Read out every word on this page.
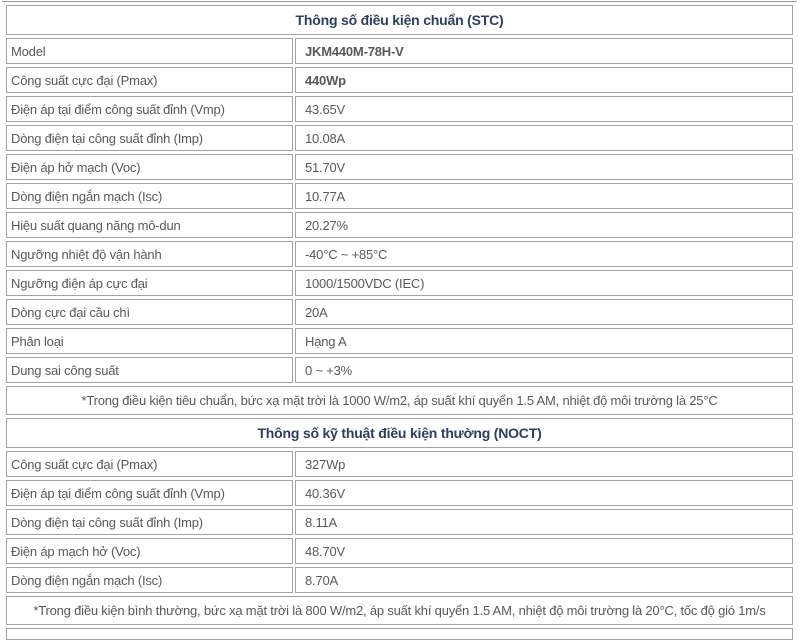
Thông số điều kiện chuẩn (STC)
Model	JKM440M-78H-V
Công suất cực đại (Pmax)	440Wp
Điện áp tại điểm công suất đỉnh (Vmp)	43.65V
Dòng điện tại công suất đỉnh (Imp)	10.08A
Điện áp hở mạch (Voc)	51.70V
Dòng điện ngắn mạch (Isc)	10.77A
Hiệu suất quang năng mô-dun	20.27%
Ngưỡng nhiệt độ vận hành	-40°C ~ +85°C
Ngưỡng điện áp cực đại	1000/1500VDC (IEC)
Dòng cực đại cầu chì	20A
Phân loại	Hạng A
Dung sai công suất	0 ~ +3%
*Trong điều kiện tiêu chuẩn, bức xạ mặt trời là 1000 W/m2, áp suất khí quyển 1.5 AM, nhiệt độ môi trường là 25°C
Thông số kỹ thuật điều kiện thường (NOCT)
Công suất cực đại (Pmax)	327Wp
Điện áp tại điểm công suất đỉnh (Vmp)	40.36V
Dòng điện tại công suất đỉnh (Imp)	8.11A
Điện áp mạch hở (Voc)	48.70V
Dòng điện ngắn mạch (Isc)	8.70A
*Trong điều kiện bình thường, bức xạ mặt trời là 800 W/m2, áp suất khí quyển 1.5 AM, nhiệt độ môi trường là 20°C, tốc độ gió 1m/s
